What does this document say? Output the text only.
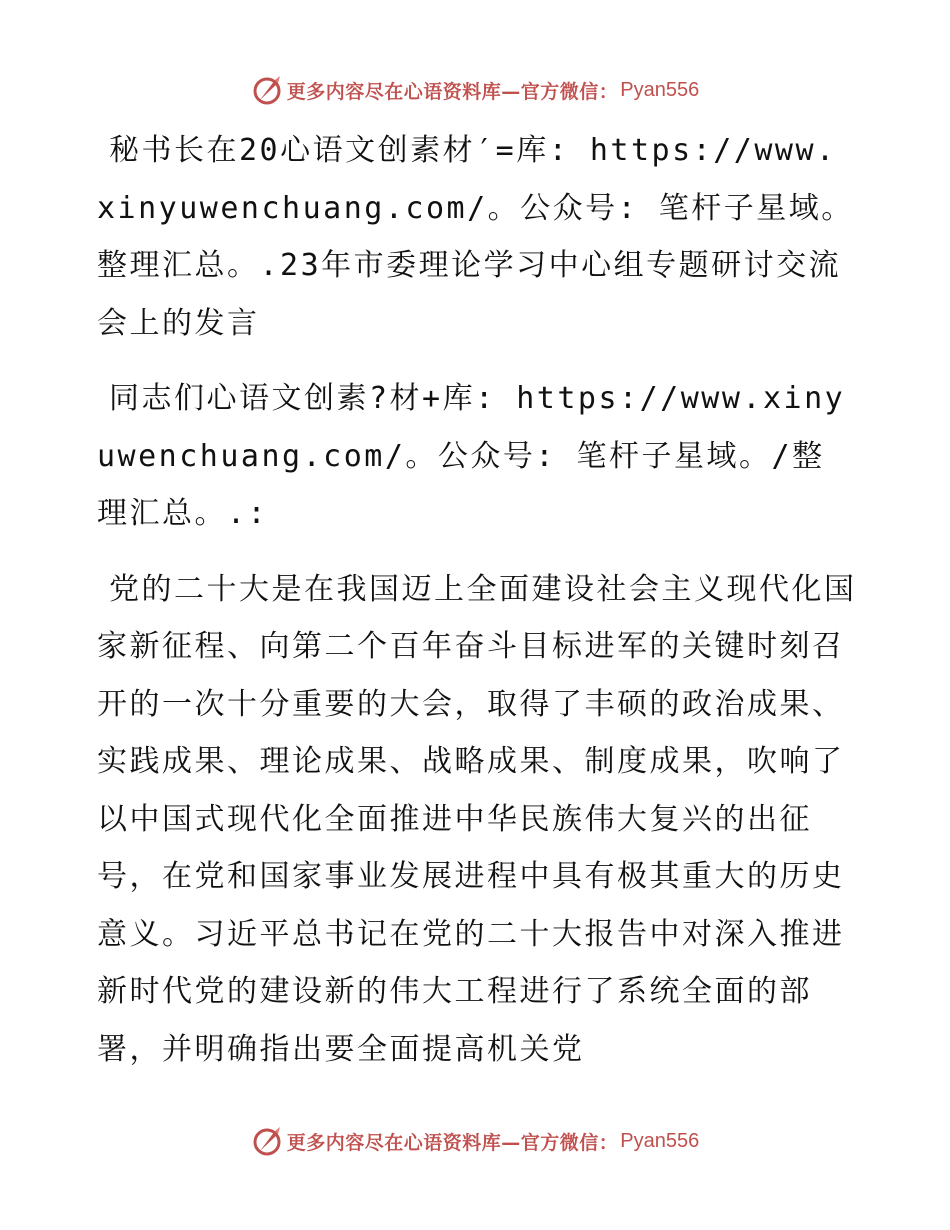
更多内容尽在心语资料库—官方微信： Pyan556

秘书长在20心语文创素材′=库: https://www.xinyuwenchuang.com/。公众号: 笔杆子星域。整理汇总。.23年市委理论学习中心组专题研讨交流会上的发言

同志们心语文创素?材+库: https://www.xinyuwenchuang.com/。公众号: 笔杆子星域。/整理汇总。.:

党的二十大是在我国迈上全面建设社会主义现代化国家新征程、向第二个百年奋斗目标进军的关键时刻召开的一次十分重要的大会，取得了丰硕的政治成果、实践成果、理论成果、战略成果、制度成果，吹响了以中国式现代化全面推进中华民族伟大复兴的出征号，在党和国家事业发展进程中具有极其重大的历史意义。习近平总书记在党的二十大报告中对深入推进新时代党的建设新的伟大工程进行了系统全面的部署，并明确指出要全面提高机关党

更多内容尽在心语资料库—官方微信： Pyan556
